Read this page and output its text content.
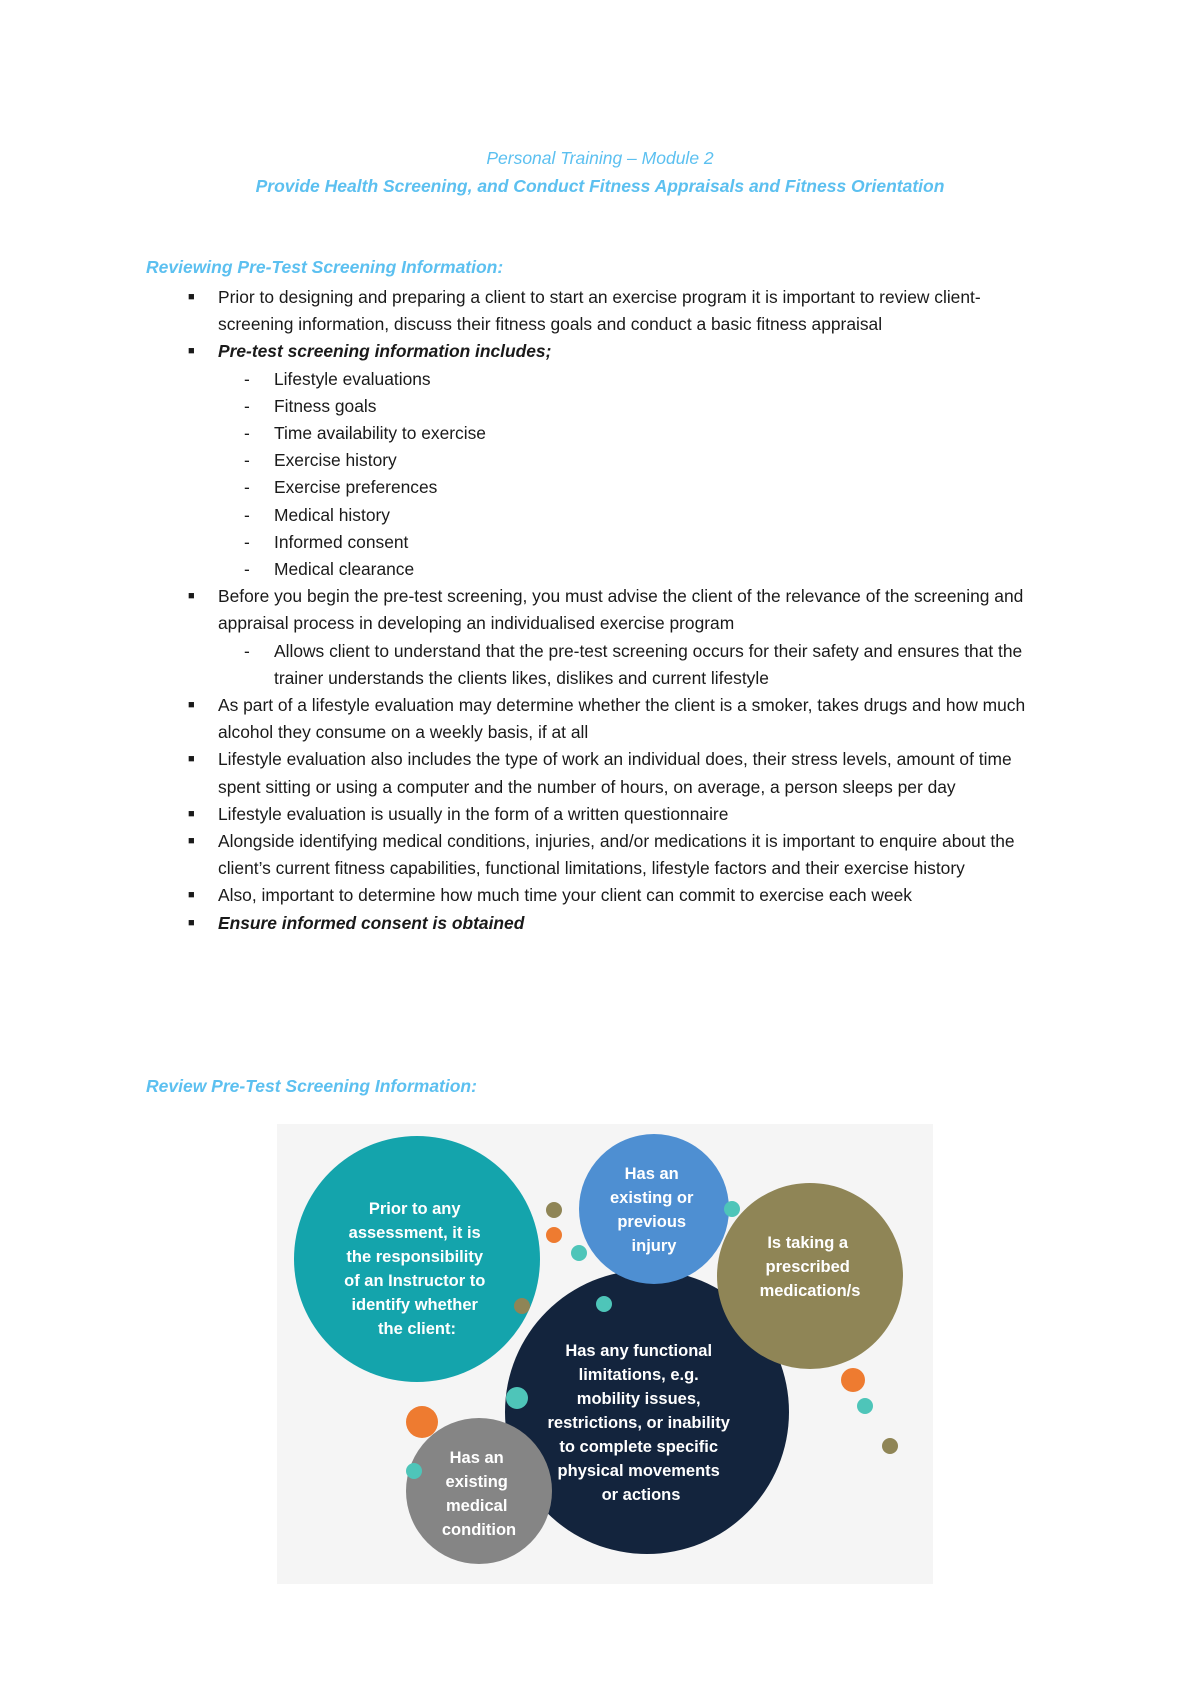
Personal Training – Module 2

Provide Health Screening, and Conduct Fitness Appraisals and Fitness Orientation

Reviewing Pre-Test Screening Information:
■ Prior to designing and preparing a client to start an exercise program it is important to review client-screening information, discuss their fitness goals and conduct a basic fitness appraisal
■ Pre-test screening information includes;
- Lifestyle evaluations
- Fitness goals
- Time availability to exercise
- Exercise history
- Exercise preferences
- Medical history
- Informed consent
- Medical clearance
■ Before you begin the pre-test screening, you must advise the client of the relevance of the screening and appraisal process in developing an individualised exercise program
- Allows client to understand that the pre-test screening occurs for their safety and ensures that the trainer understands the clients likes, dislikes and current lifestyle
■ As part of a lifestyle evaluation may determine whether the client is a smoker, takes drugs and how much alcohol they consume on a weekly basis, if at all
■ Lifestyle evaluation also includes the type of work an individual does, their stress levels, amount of time spent sitting or using a computer and the number of hours, on average, a person sleeps per day
■ Lifestyle evaluation is usually in the form of a written questionnaire
■ Alongside identifying medical conditions, injuries, and/or medications it is important to enquire about the client’s current fitness capabilities, functional limitations, lifestyle factors and their exercise history
■ Also, important to determine how much time your client can commit to exercise each week
■ Ensure informed consent is obtained
Review Pre-Test Screening Information:
Prior to any assessment, it is the responsibility of an Instructor to identify whether the client:
Has an existing or previous injury	Is taking a prescribed medication/s
Has any functional limitations, e.g. mobility issues, restrictions, or inability to complete specific physical movements or actions
Has an existing medical condition
